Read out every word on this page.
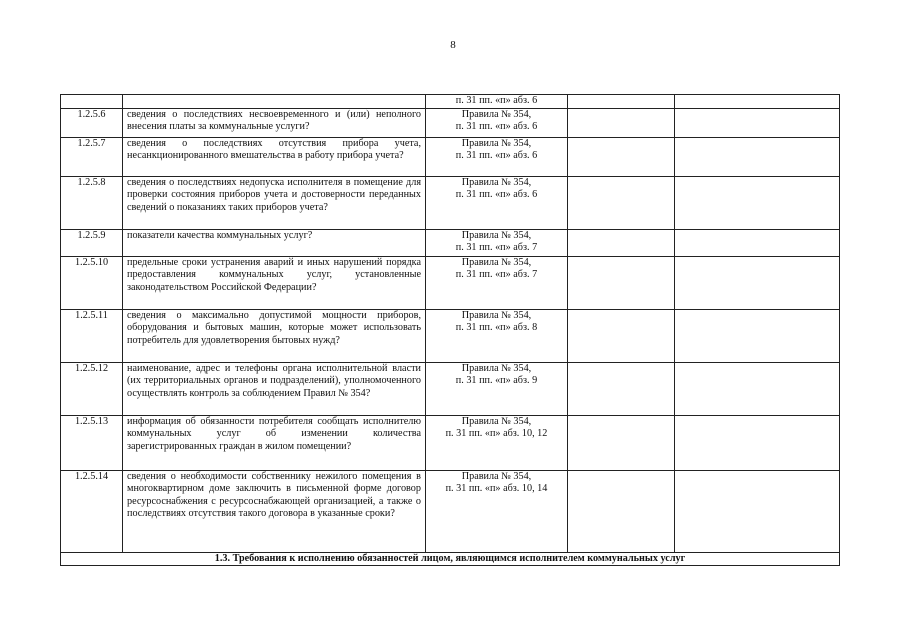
8
		п. 31 пп. «п» абз. 6		
1.2.5.6	сведения о последствиях несвоевременного и (или) неполного внесения платы за коммунальные услуги?	Правила № 354,
п. 31 пп. «п» абз. 6		

1.2.5.7	сведения о последствиях отсутствия прибора учета, несанкционированного вмешательства в работу прибора учета?	Правила № 354,
п. 31 пп. «п» абз. 6		

1.2.5.8	сведения о последствиях недопуска исполнителя в помещение для проверки состояния приборов учета и достоверности переданных сведений о показаниях таких приборов учета?	Правила № 354,
п. 31 пп. «п» абз. 6		

1.2.5.9	показатели качества коммунальных услуг?	Правила № 354,
п. 31 пп. «п» абз. 7		

1.2.5.10	предельные сроки устранения аварий и иных нарушений порядка предоставления коммунальных услуг, установленные законодательством Российской Федерации?	Правила № 354,
п. 31 пп. «п» абз. 7		

1.2.5.11	сведения о максимально допустимой мощности приборов, оборудования и бытовых машин, которые может использовать потребитель для удовлетворения бытовых нужд?	Правила № 354,
п. 31 пп. «п» абз. 8		

1.2.5.12	наименование, адрес и телефоны органа исполнительной власти (их территориальных органов и подразделений), уполномоченного осуществлять контроль за соблюдением Правил № 354?	Правила № 354,
п. 31 пп. «п» абз. 9		

1.2.5.13	информация об обязанности потребителя сообщать исполнителю коммунальных услуг об изменении количества зарегистрированных граждан в жилом помещении?	Правила № 354,
п. 31 пп. «п» абз. 10, 12		

1.2.5.14	сведения о необходимости собственнику нежилого помещения в многоквартирном доме заключить в письменной форме договор ресурсоснабжения с ресурсоснабжающей организацией, а также о последствиях отсутствия такого договора в указанные сроки?	Правила № 354,
п. 31 пп. «п» абз. 10, 14		

1.3. Требования к исполнению обязанностей лицом, являющимся исполнителем коммунальных услуг				
